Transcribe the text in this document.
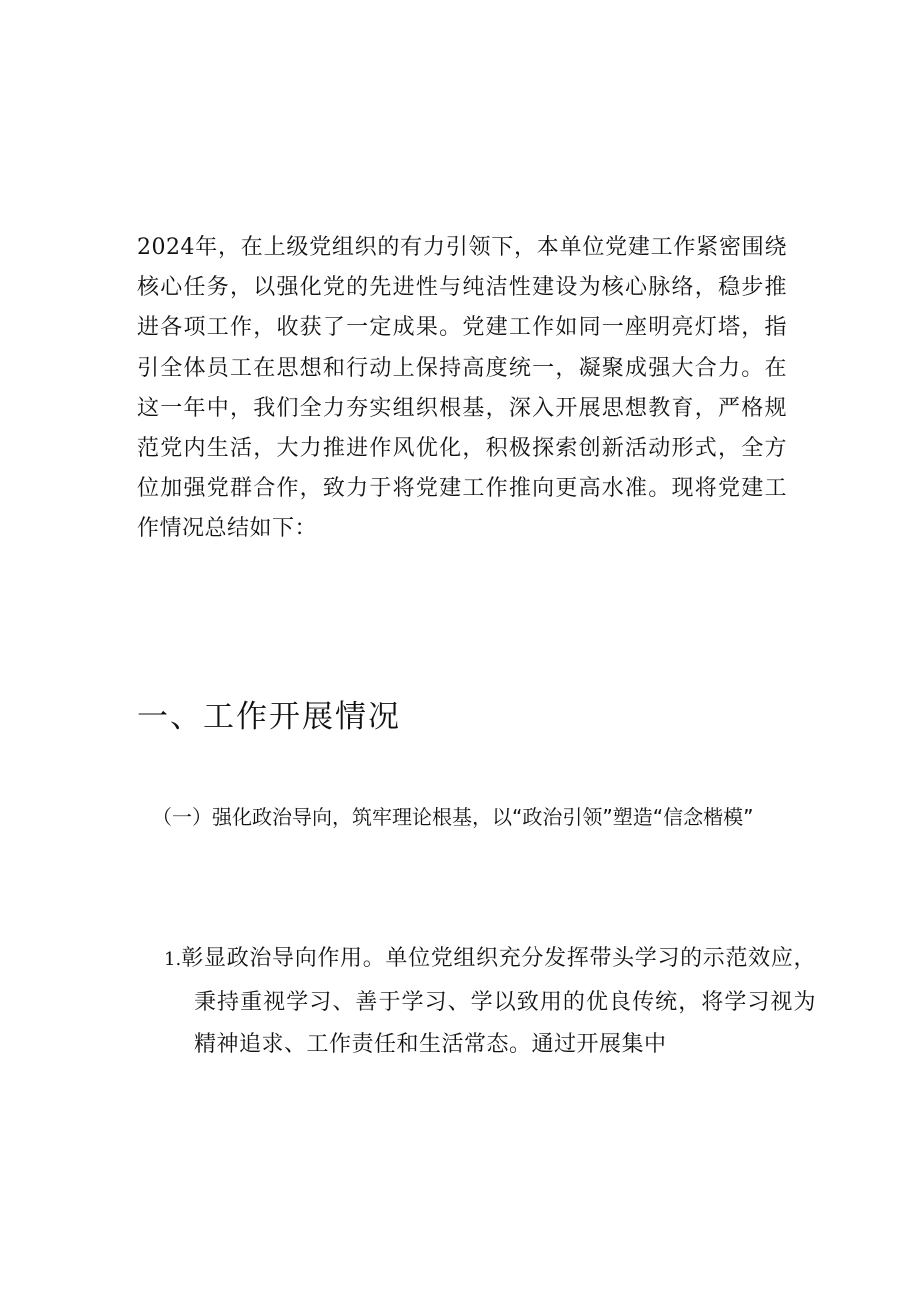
2024年，在上级党组织的有力引领下，本单位党建工作紧密围绕核心任务，以强化党的先进性与纯洁性建设为核心脉络，稳步推进各项工作，收获了一定成果。党建工作如同一座明亮灯塔，指引全体员工在思想和行动上保持高度统一，凝聚成强大合力。在这一年中，我们全力夯实组织根基，深入开展思想教育，严格规范党内生活，大力推进作风优化，积极探索创新活动形式，全方位加强党群合作，致力于将党建工作推向更高水准。现将党建工作情况总结如下：

一、工作开展情况
（一）强化政治导向，筑牢理论根基，以“政治引领”塑造“信念楷模”

1.彰显政治导向作用。单位党组织充分发挥带头学习的示范效应，秉持重视学习、善于学习、学以致用的优良传统，将学习视为精神追求、工作责任和生活常态。通过开展集中
